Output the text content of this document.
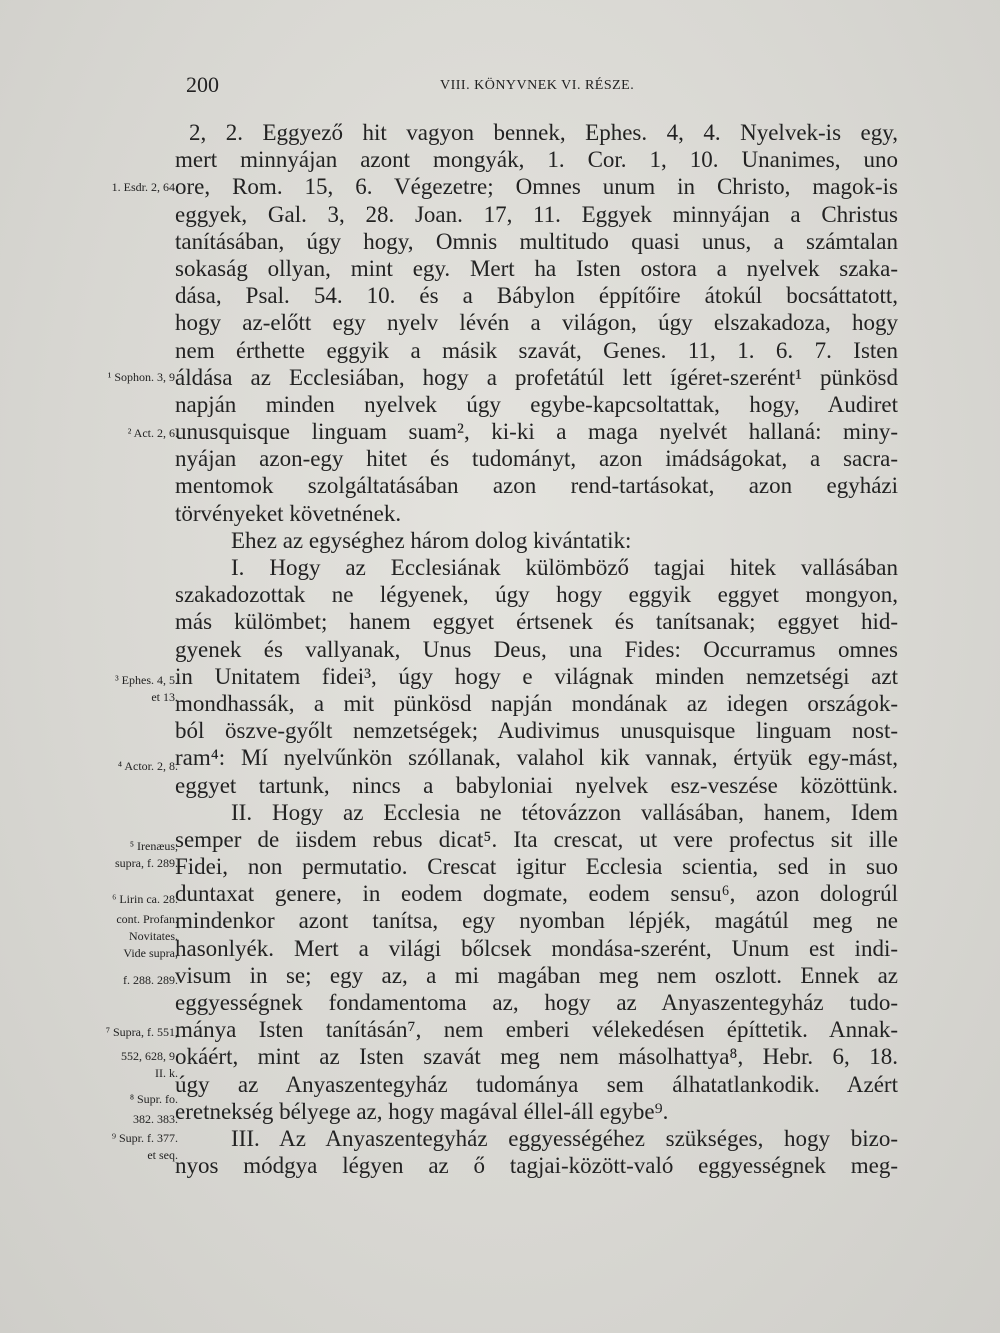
200	VIII. KÖNYVNEK VI. RÉSZE.
1. Esdr. 2, 64.
¹ Sophon. 3, 9.
² Act. 2, 6.
³ Ephes. 4, 5.
et 13.
⁴ Actor. 2, 8.
⁵ Irenæus,
supra, f. 289.
⁶ Lirin ca. 28.
cont. Profan.
Novitates.
Vide supra,
f. 288. 289.
⁷ Supra, f. 551,
552, 628, 9.
II. k.
⁸ Supr. fo.
382. 383.
⁹ Supr. f. 377.
et seq.
2, 2. Eggyező hit vagyon bennek, Ephes. 4, 4. Nyelvek-is egy,
mert minnyájan azont mongyák, 1. Cor. 1, 10. Unanimes, uno
ore, Rom. 15, 6. Végezetre; Omnes unum in Christo, magok-is
eggyek, Gal. 3, 28. Joan. 17, 11. Eggyek minnyájan a Christus
tanításában, úgy hogy, Omnis multitudo quasi unus, a számtalan
sokaság ollyan, mint egy. Mert ha Isten ostora a nyelvek szaka-
dása, Psal. 54. 10. és a Bábylon éppítőire átokúl bocsáttatott,
hogy az-előtt egy nyelv lévén a világon, úgy elszakadoza, hogy
nem érthette eggyik a másik szavát, Genes. 11, 1. 6. 7. Isten
áldása az Ecclesiában, hogy a profetátúl lett ígéret-szerént¹ pünkösd
napján minden nyelvek úgy egybe-kapcsoltattak, hogy, Audiret
unusquisque linguam suam², ki-ki a maga nyelvét hallaná: miny-
nyájan azon-egy hitet és tudományt, azon imádságokat, a sacra-
mentomok szolgáltatásában azon rend-tartásokat, azon egyházi
törvényeket követnének.
Ehez az egységhez három dolog kivántatik:
I. Hogy az Ecclesiának külömböző tagjai hitek vallásában
szakadozottak ne légyenek, úgy hogy eggyik eggyet mongyon,
más külömbet; hanem eggyet értsenek és tanítsanak; eggyet hid-
gyenek és vallyanak, Unus Deus, una Fides: Occurramus omnes
in Unitatem fidei³, úgy hogy e világnak minden nemzetségi azt
mondhassák, a mit pünkösd napján mondának az idegen országok-
ból öszve-győlt nemzetségek; Audivimus unusquisque linguam nost-
ram⁴: Mí nyelvűnkön szóllanak, valahol kik vannak, értyük egy-mást,
eggyet tartunk, nincs a babyloniai nyelvek esz-veszése közöttünk.
II. Hogy az Ecclesia ne tétovázzon vallásában, hanem, Idem
semper de iisdem rebus dicat⁵. Ita crescat, ut vere profectus sit ille
Fidei, non permutatio. Crescat igitur Ecclesia scientia, sed in suo
duntaxat genere, in eodem dogmate, eodem sensu⁶, azon dologrúl
mindenkor azont tanítsa, egy nyomban lépjék, magátúl meg ne
hasonlyék. Mert a világi bőlcsek mondása-szerént, Unum est indi-
visum in se; egy az, a mi magában meg nem oszlott. Ennek az
eggyességnek fondamentoma az, hogy az Anyaszentegyház tudo-
mánya Isten tanításán⁷, nem emberi vélekedésen építtetik. Annak-
okáért, mint az Isten szavát meg nem másolhattya⁸, Hebr. 6, 18.
úgy az Anyaszentegyház tudománya sem álhatatlankodik. Azért
eretnekség bélyege az, hogy magával éllel-áll egybe⁹.
III. Az Anyaszentegyház eggyességéhez szükséges, hogy bizo-
nyos módgya légyen az ő tagjai-között-való eggyességnek meg-
